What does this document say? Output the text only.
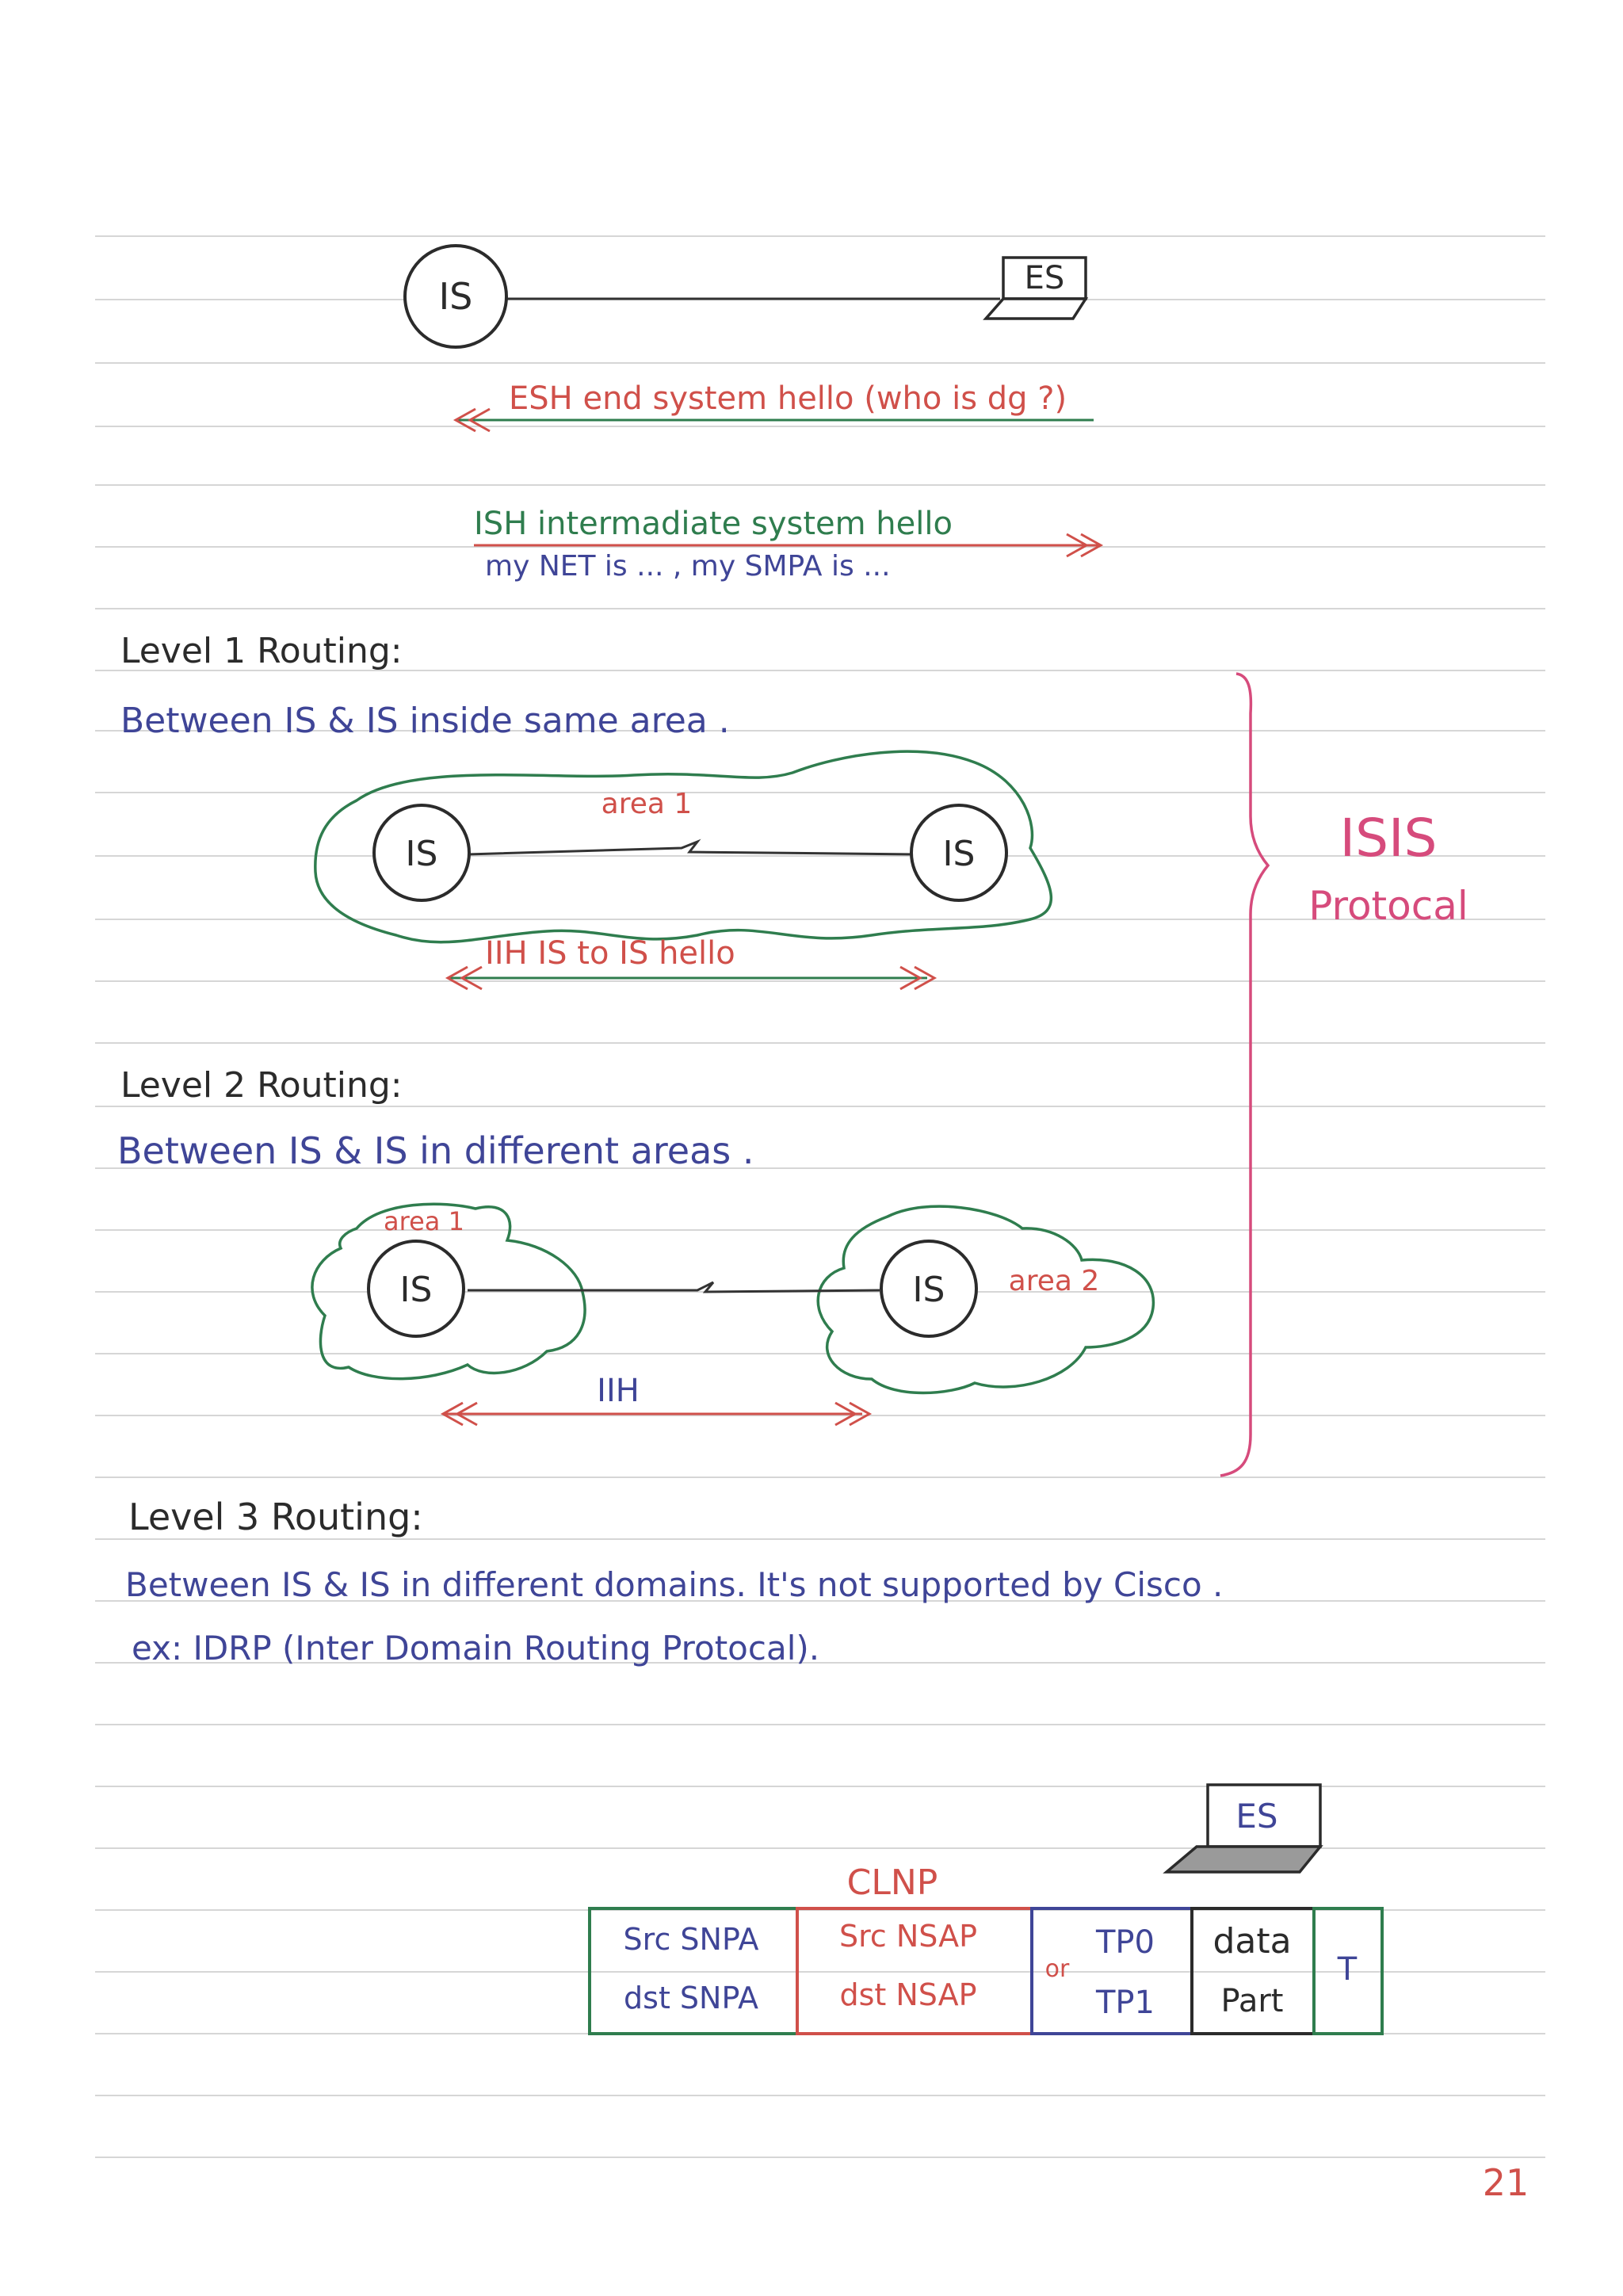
IS	ES
ESH end system hello (who is dg ?)
ISH intermadiate system hello
my NET is ... , my SMPA is ...
Level 1 Routing:
Between IS & IS inside same area .
area 1
IS	IS
IIH IS to IS hello
Level 2 Routing:
Between IS & IS in different areas .
area 1
area 2
IS	IS
IIH
ISIS
Protocal
Level 3 Routing:
Between IS & IS in different domains. It's not supported by Cisco .
ex: IDRP (Inter Domain Routing Protocal).
ES
CLNP
Src SNPA
dst SNPA
Src NSAP
dst NSAP
TP0
or
TP1
data
Part
T
21
